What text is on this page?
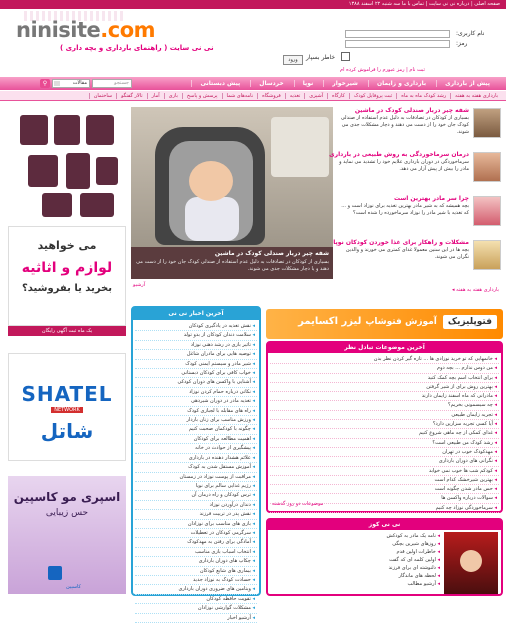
صفحه اصلی | درباره نی نی سایت | تماس با ما سه شنبه ۲۲ اسفند ۱۳۸۸
ninisite.com
نی نی سایت ( راهنمای بارداری و بچه داری )
نام کاربری:
رمز:
خاطر بسپار
ورود
ثبت نام | رمز عبورم را فراموش کرده ام
پیش از بارداری
بارداری و زایمان
شیرخوار
نوپا
خردسال
پیش دبستانی
جستجو
مقالات
⚲
بارداری هفته به هفته
رشد کودک ماه به ماه
ثبت پروفایل کودک
کارگاه
آشپزی
تغذیه
فروشگاه
نامه‌های شما
پرسش و پاسخ
بازی
آمار
تالار گفتگو
ساختمان
می خواهید
لوازم و اثاثیه
بخرید یا بفروشید؟
یک ماه ثبت آگهی رایگان
SHATEL
NETWORK
شاتل
اسپری مو کاسپین
حس زیبایی
کاسپین
شفه چیر دربار صندلی کودک در ماشین
بسیاری از کودکان در تصادفات به دلیل عدم استفاده از صندلی کودک جان خود را از دست می دهند و یا دچار مشکلات جدی می شوند.
آرشیو
شفه چیر دربار صندلی کودک در ماشین
بسیاری از کودکان در تصادفات به دلیل عدم استفاده از صندلی کودک جان خود را از دست می دهند و دچار مشکلات جدی می شوند.
درمان سرماخوردگی به روش طبیعی در بارداری
سرماخوردگی در دوران بارداری علایم خود را تشدید می نماید و مادر را بیش از پیش آزار می دهد.
چرا سر مادر بهترین است
بچه همیشه که به شیر مادر بهترین تغذیه برای نوزاد است و ... که تغذیه با شیر مادر را نوزاد سرماخورده را شده است؟
مشکلات و راهکار برای غذا خوردن کودکان نوپا
بچه ها در این سنین معمولا غذای کمتری می خورند و والدین نگران می شوند.
بارداری هفته به هفته ◂
آخرین اخبار نی نی
◂ نقش تغذیه در یادگیری کودکان
◂ سلامت دندان کودکان از بدو تولد
◂ تاثیر بازی در رشد ذهنی نوزاد
◂ توصیه هایی برای مادران شاغل
◂ شیر مادر و سیستم ایمنی کودک
◂ خواب کافی برای کودکان دبستانی
◂ آشنایی با واکسن های دوران کودکی
◂ نکاتی درباره حمام کردن نوزاد
◂ تغذیه مادر در دوران شیردهی
◂ راه های مقابله با لجبازی کودک
◂ ورزش مناسب برای زنان باردار
◂ چگونه با کودکمان صحبت کنیم
◂ اهمیت مطالعه برای کودکان
◂ پیشگیری از حوادث در خانه
◂ علائم هشدار دهنده در بارداری
◂ آموزش مستقل شدن به کودک
◂ مراقبت از پوست نوزاد در زمستان
◂ رژیم غذایی سالم برای نوپا
◂ ترس کودکان و راه درمان آن
◂ دندان درآوردن نوزاد
◂ نقش پدر در تربیت فرزند
◂ بازی های مناسب برای نوزادان
◂ سرگرمی کودکان در تعطیلات
◂ آمادگی برای رفتن به مهدکودک
◂ انتخاب اسباب بازی مناسب
◂ چکاپ های دوران بارداری
◂ بیماری های شایع کودکان
◂ حسادت کودک به نوزاد جدید
◂ ویتامین های ضروری دوران بارداری
◂ تقویت حافظه کودکان
◂ مشکلات گوارشی نوزادان
◂ آرشیو اخبار
فتوپلیزیکآموزش فتوشاپلیزر اکسایمر
آخرین موضوعات تبادل نظر
◂ خانمهایی که تو خرید نوزادی ها ... تازه گیر کردن نظر بدن
◂ من دوس ندارم ... بچه دوم
◂ برای انتخاب اسم بچه کمک کنید
◂ بهترین روش برای از شیر گرفتن
◂ مادرانی که ماه اسفند زایمان دارند
◂ چه سیسمونی بخریم؟
◂ تجربه زایمان طبیعی
◂ آیا کسی تجربه سزارین دارد؟
◂ غذای کمکی از چه ماهی شروع کنیم
◂ رشد کودک من طبیعی است؟
◂ مهدکودک خوب در تهران
◂ نگرانی های دوران بارداری
◂ کودکم شب ها خوب نمی خوابد
◂ بهترین شیرخشک کدام است
◂ حس مادر شدن چگونه است
◂ سوالات درباره واکسن ها
◂ سرماخوردگی نوزاد چه کنیم
موضوعات دو روز گذشته
نی نی کوز
◂ نامه یک مادر به کودکش
◂ روزهای شیرین بچگی
◂ خاطرات اولین قدم
◂ اولین کلمه ای که گفت
◂ دلنوشته ای برای فرزند
◂ لحظه های ماندگار
◂ آرشیو مطالب
